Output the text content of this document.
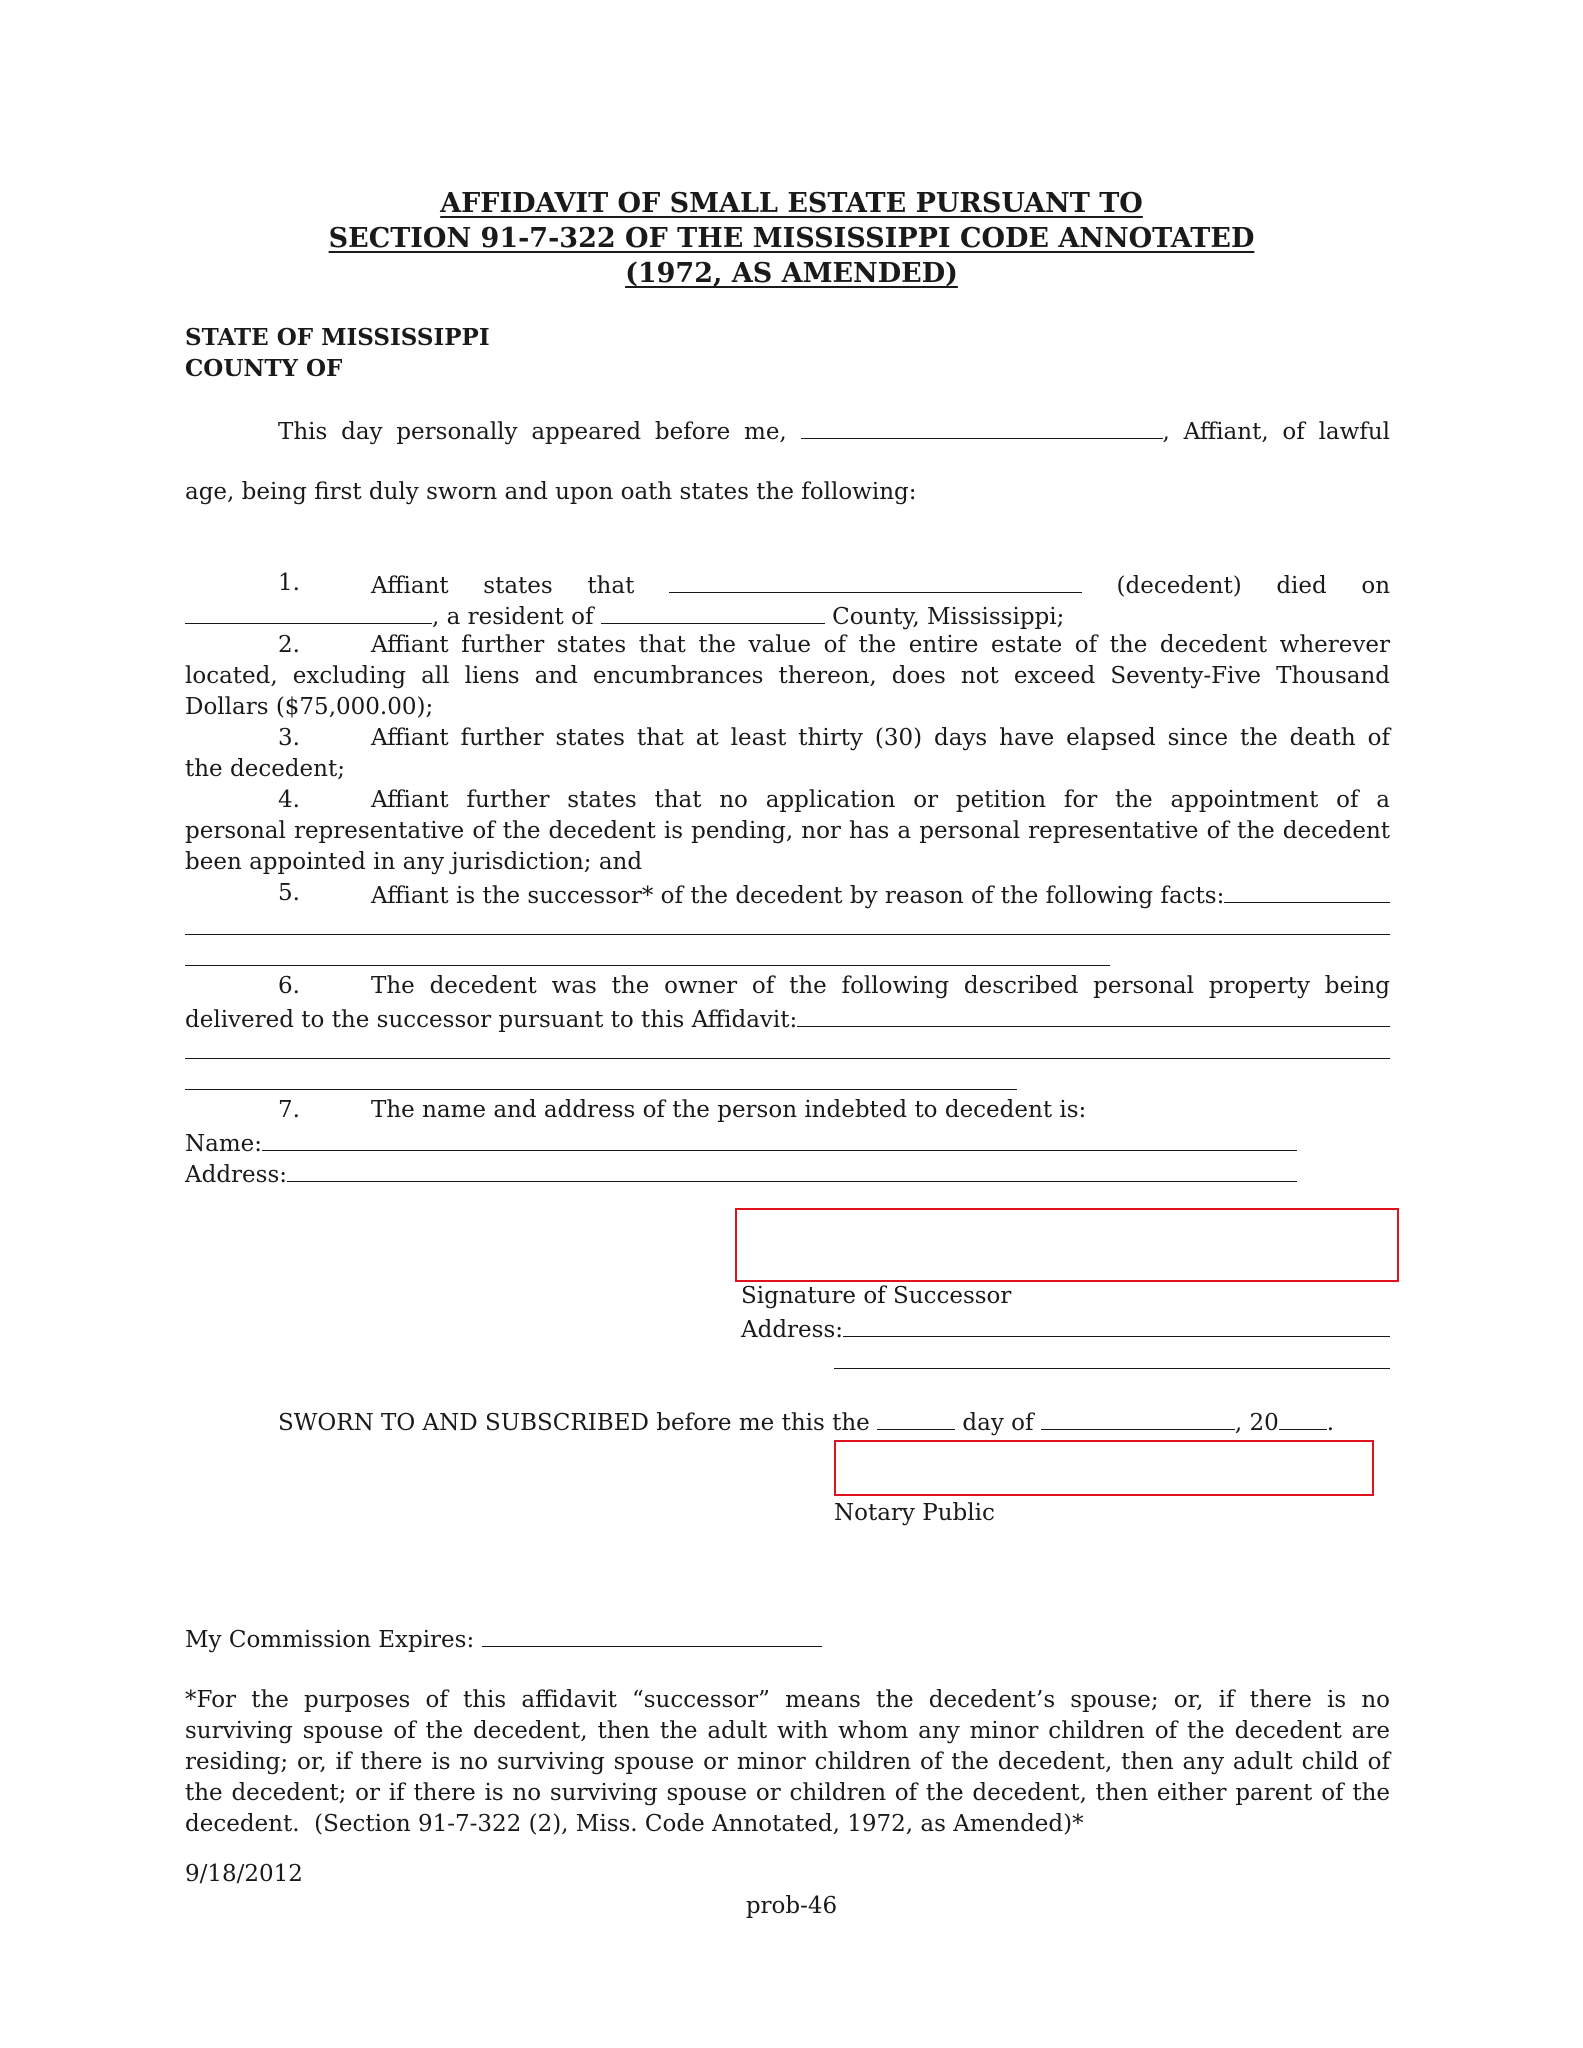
AFFIDAVIT OF SMALL ESTATE PURSUANT TO
SECTION 91-7-322 OF THE MISSISSIPPI CODE ANNOTATED
(1972, AS AMENDED)
STATE OF MISSISSIPPI
COUNTY OF
This day personally appeared before me,	, Affiant, of lawful
age, being first duly sworn and upon oath states the following:
1.	Affiant states that	(decedent) died on
, a resident of

	County, Mississippi;
2.	Affiant further states that the value of the entire estate of the decedent wherever
located, excluding all liens and encumbrances thereon, does not exceed Seventy-Five Thousand
Dollars ($75,000.00);
3.	Affiant further states that at least thirty (30) days have elapsed since the death of
the decedent;
4.	Affiant further states that no application or petition for the appointment of a
personal representative of the decedent is pending, nor has a personal representative of the decedent
been appointed in any jurisdiction; and
5.	Affiant is the successor* of the decedent by reason of the following facts:
6.	The decedent was the owner of the following described personal property being
delivered to the successor pursuant to this Affidavit:
7.	The name and address of the person indebted to decedent is:
Name:
Address:
Signature of Successor
Address:
SWORN TO AND SUBSCRIBED before me this the

	day of
	, 20 .
Notary Public
My Commission Expires:

*For the purposes of this affidavit “successor” means the decedent’s spouse; or, if there is no
surviving spouse of the decedent, then the adult with whom any minor children of the decedent are
residing; or, if there is no surviving spouse or minor children of the decedent, then any adult child of
the decedent; or if there is no surviving spouse or children of the decedent, then either parent of the
decedent.  (Section 91-7-322 (2), Miss. Code Annotated, 1972, as Amended)*
9/18/2012
prob-46
